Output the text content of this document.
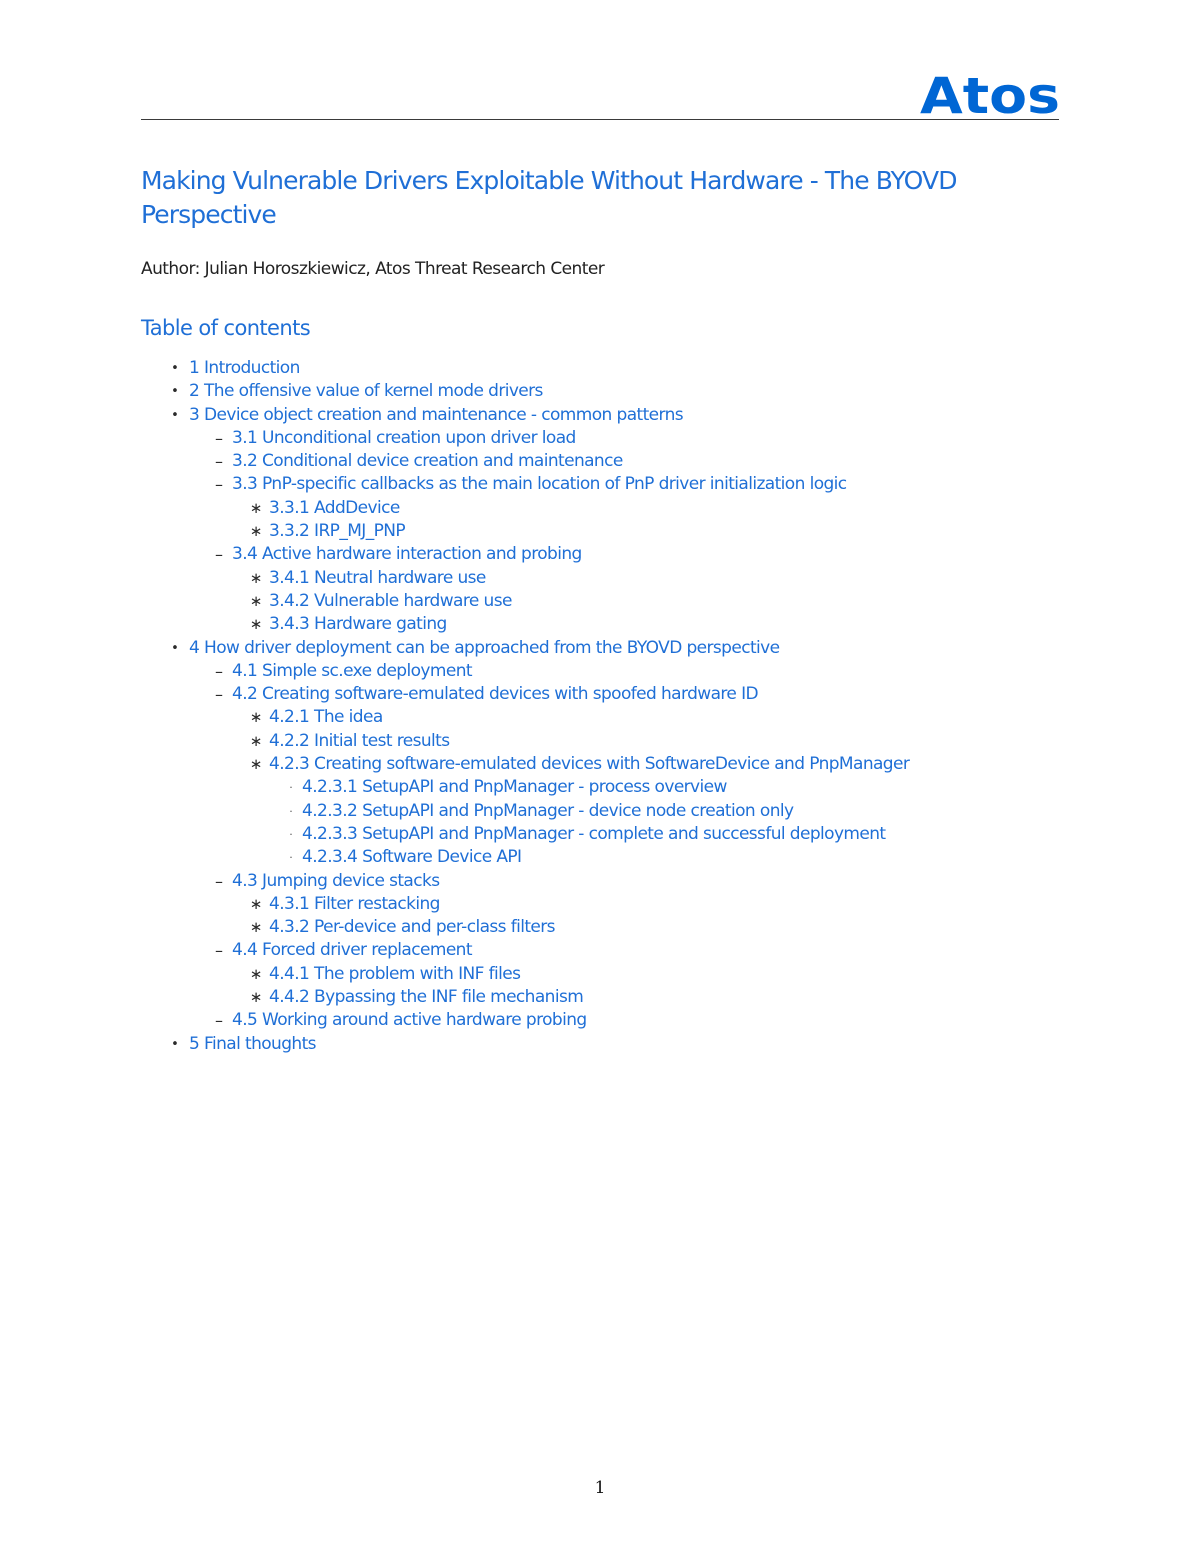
Atos
Making Vulnerable Drivers Exploitable Without Hardware - The BYOVD Perspective
Author: Julian Horoszkiewicz, Atos Threat Research Center
Table of contents
• 1 Introduction
• 2 The offensive value of kernel mode drivers
• 3 Device object creation and maintenance - common patterns
– 3.1 Unconditional creation upon driver load
– 3.2 Conditional device creation and maintenance
– 3.3 PnP-specific callbacks as the main location of PnP driver initialization logic
∗ 3.3.1 AddDevice
∗ 3.3.2 IRP_MJ_PNP
– 3.4 Active hardware interaction and probing
∗ 3.4.1 Neutral hardware use
∗ 3.4.2 Vulnerable hardware use
∗ 3.4.3 Hardware gating
• 4 How driver deployment can be approached from the BYOVD perspective
– 4.1 Simple sc.exe deployment
– 4.2 Creating software-emulated devices with spoofed hardware ID
∗ 4.2.1 The idea
∗ 4.2.2 Initial test results
∗ 4.2.3 Creating software-emulated devices with SoftwareDevice and PnpManager
· 4.2.3.1 SetupAPI and PnpManager - process overview
· 4.2.3.2 SetupAPI and PnpManager - device node creation only
· 4.2.3.3 SetupAPI and PnpManager - complete and successful deployment
· 4.2.3.4 Software Device API
– 4.3 Jumping device stacks
∗ 4.3.1 Filter restacking
∗ 4.3.2 Per-device and per-class filters
– 4.4 Forced driver replacement
∗ 4.4.1 The problem with INF files
∗ 4.4.2 Bypassing the INF file mechanism
– 4.5 Working around active hardware probing
• 5 Final thoughts
1
